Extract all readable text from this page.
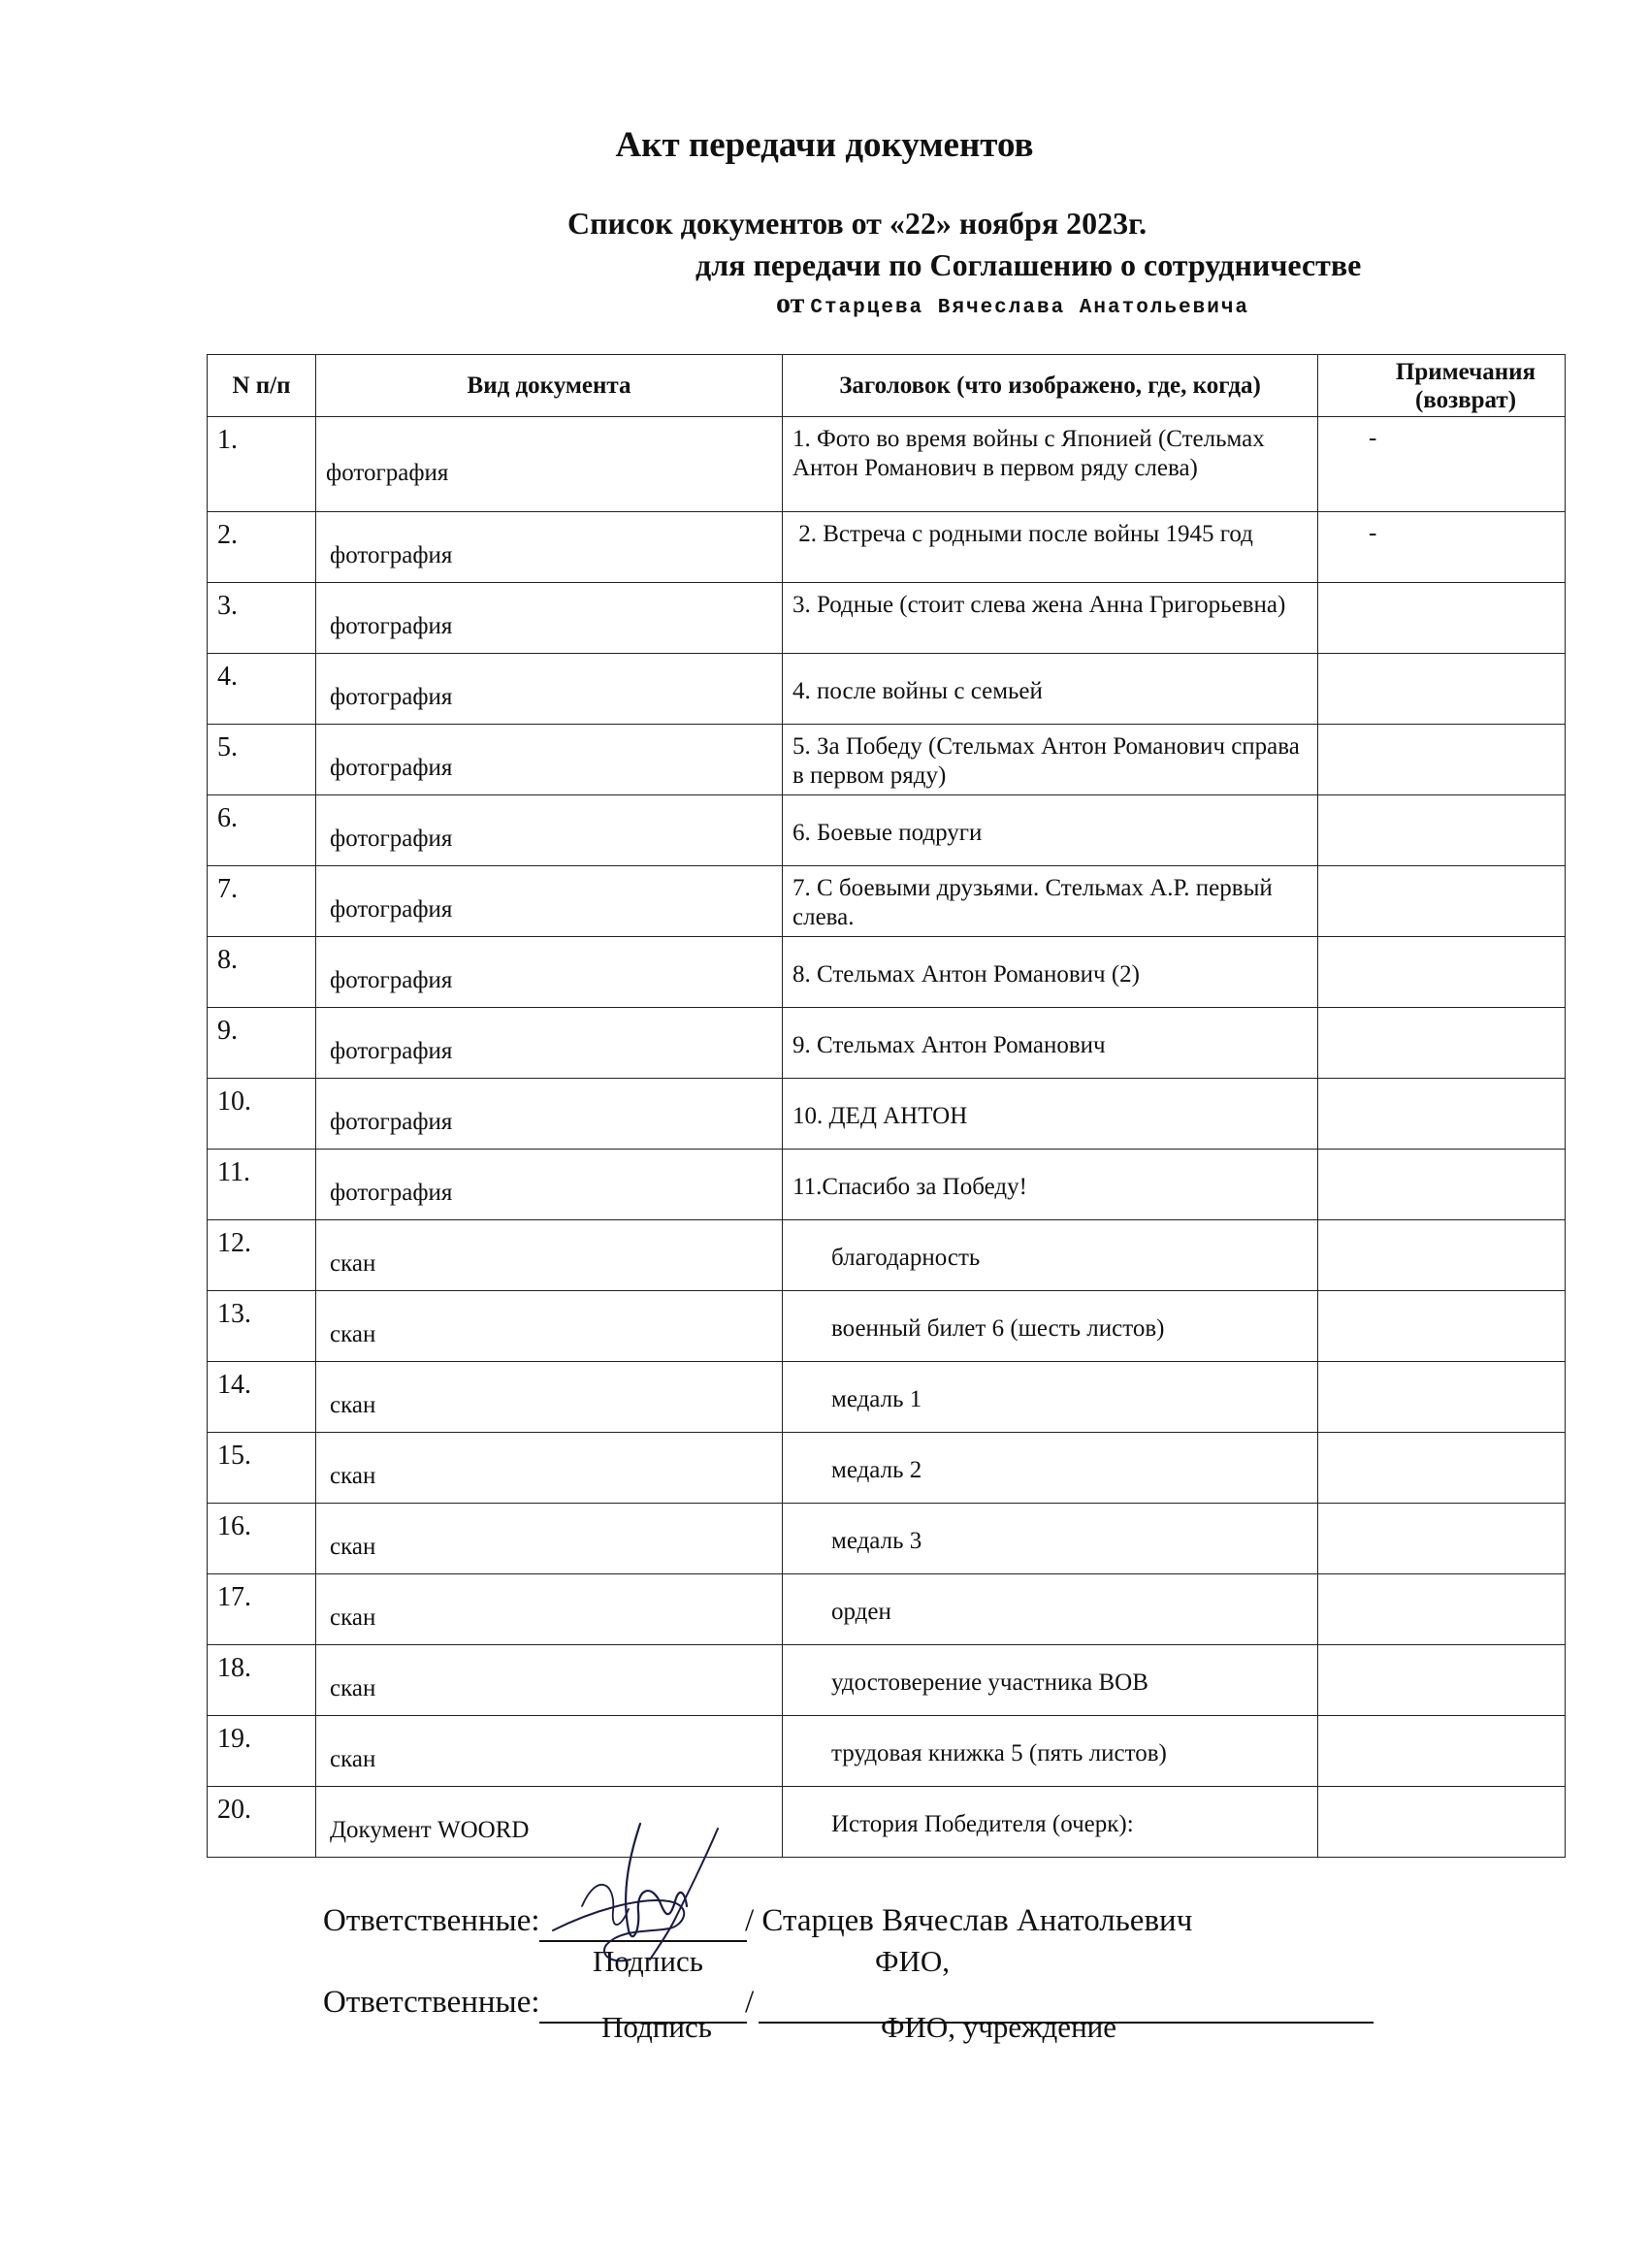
Акт передачи документов
Список документов от «22» ноября 2023г.
для передачи по Соглашению о сотрудничестве
от Старцева Вячеслава Анатольевича
N п/п	Вид документа	Заголовок (что изображено, где, когда)	Примечания (возврат)
1.	фотография	1. Фото во время войны с Японией (Стельмах Антон Романович в первом ряду слева)	-
2.	фотография	2. Встреча с родными после войны 1945 год	-
3.	фотография	3. Родные (стоит слева жена Анна Григорьевна)	
4.	фотография	4. после войны с семьей	
5.	фотография	5. За Победу (Стельмах Антон Романович справа в первом ряду)	
6.	фотография	6. Боевые подруги	
7.	фотография	7. С боевыми друзьями. Стельмах А.Р. первый слева.	
8.	фотография	8. Стельмах Антон Романович (2)	
9.	фотография	9. Стельмах Антон Романович	
10.	фотография	10. ДЕД АНТОН	
11.	фотография	11.Спасибо за Победу!	
12.	скан	благодарность	
13.	скан	военный билет 6 (шесть листов)	
14.	скан	медаль 1	
15.	скан	медаль 2	
16.	скан	медаль 3	
17.	скан	орден	
18.	скан	удостоверение участника ВОВ	
19.	скан	трудовая книжка 5 (пять листов)	
20.	Документ WOORD	История Победителя (очерк):	
Ответственные:	/ Старцев Вячеслав Анатольевич
Подпись	ФИО,
Ответственные:	/
Подпись	ФИО, учреждение
